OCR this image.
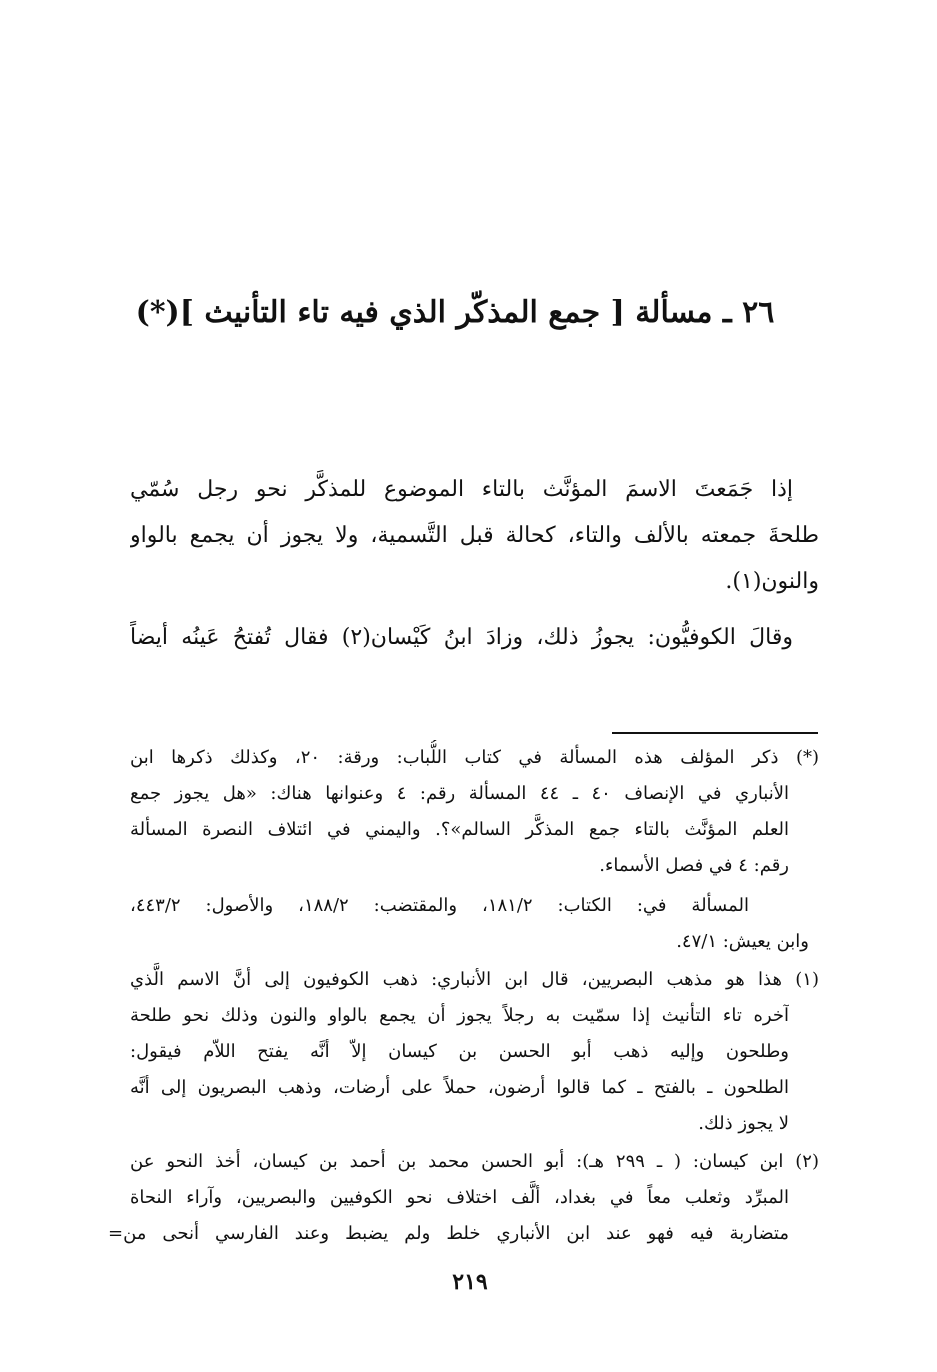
٢٦ ـ مسألة [ جمع المذكّر الذي فيه تاء التأنيث ](*)
إذا جَمَعتَ الاسمَ المؤنَّث بالتاء الموضوع للمذكَّر نحو رجل سُمّي
طلحةَ جمعته بالألف والتاء، كحالة قبل التَّسمية، ولا يجوز أن يجمع بالواو
والنون(١).
وقالَ الكوفيُّون: يجوزُ ذلك، وزادَ ابنُ كَيْسان(٢) فقال تُفتحُ عَينُه أيضاً
(*) ذكر المؤلف هذه المسألة في كتاب اللُّباب: ورقة: ٢٠، وكذلك ذكرها ابن
الأنباري في الإنصاف ٤٠ ـ ٤٤ المسألة رقم: ٤ وعنوانها هناك: «هل يجوز جمع
العلم المؤنَّث بالتاء جمع المذكَّر السالم»؟. واليمني في ائتلاف النصرة المسألة
رقم: ٤ في فصل الأسماء.
المسألة في: الكتاب: ١٨١/٢، والمقتضب: ١٨٨/٢، والأصول: ٤٤٣/٢،
وابن يعيش: ٤٧/١.
(١) هذا هو مذهب البصريين، قال ابن الأنباري: ذهب الكوفيون إلى أنَّ الاسم الَّذي
آخره تاء التأنيث إذا سمّيت به رجلاً يجوز أن يجمع بالواو والنون وذلك نحو طلحة
وطلحون وإليه ذهب أبو الحسن بن كيسان إلاّ أنَّه يفتح اللاّم فيقول:
الطلحون ـ بالفتح ـ كما قالوا أرضون، حملاً على أرضات، وذهب البصريون إلى أنَّه
لا يجوز ذلك.
(٢) ابن كيسان: ( ـ ٢٩٩ هـ): أبو الحسن محمد بن أحمد بن كيسان، أخذ النحو عن
المبرِّد وثعلب معاً في بغداد، ألَّف اختلاف نحو الكوفيين والبصريين، وآراء النحاة
متضاربة فيه فهو عند ابن الأنباري خلط ولم يضبط وعند الفارسي أنحى من=
٢١٩
